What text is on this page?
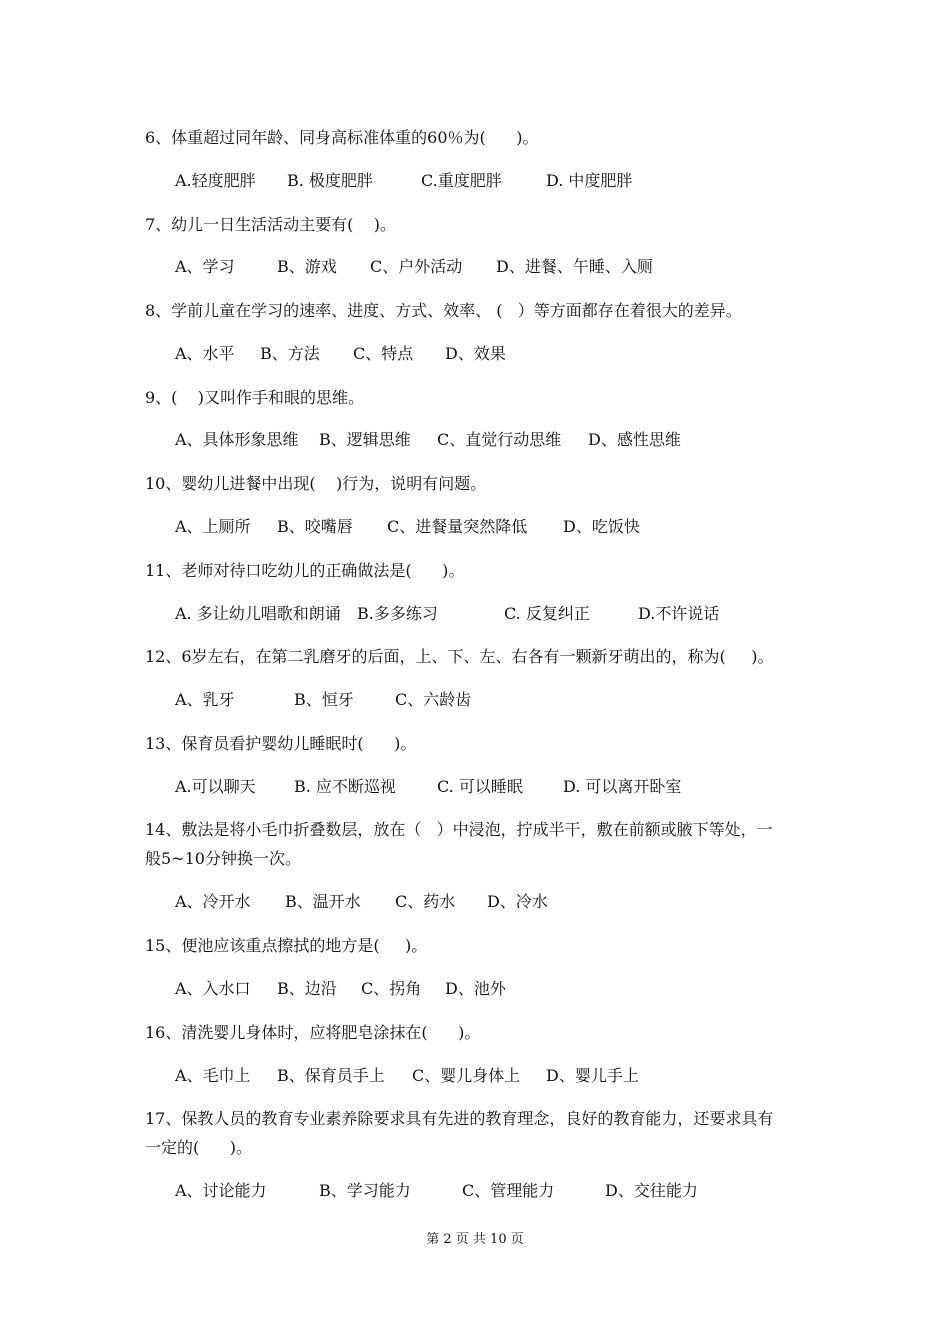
6、体重超过同年龄、同身高标准体重的60％为(      )。
A.轻度肥胖 B. 极度肥胖	C.重度肥胖	D. 中度肥胖
7、幼儿一日生活活动主要有(    )。
A、学习	B、游戏 C、户外活动 D、进餐、午睡、入厕
8、学前儿童在学习的速率、进度、方式、效率、 (   ）等方面都存在着很大的差异。
A、水平 B、方法 C、特点 D、效果
9、(    )又叫作手和眼的思维。
A、具体形象思维 B、逻辑思维 C、直觉行动思维 D、感性思维
10、婴幼儿进餐中出现(    )行为，说明有问题。
A、上厕所 B、咬嘴唇 C、进餐量突然降低 D、吃饭快
11、老师对待口吃幼儿的正确做法是(      )。
A. 多让幼儿唱歌和朗诵 B.多多练习	C. 反复纠正	D.不许说话
12、6岁左右，在第二乳磨牙的后面，上、下、左、右各有一颗新牙萌出的，称为(     )。
A、乳牙	B、恒牙	C、六龄齿
13、保育员看护婴幼儿睡眠时(      )。
A.可以聊天 B. 应不断巡视	C. 可以睡眠	D. 可以离开卧室
14、敷法是将小毛巾折叠数层，放在（   ）中浸泡，拧成半干，敷在前额或腋下等处，一
般5~10分钟换一次。
A、冷开水 B、温开水 C、药水 D、冷水
15、便池应该重点擦拭的地方是(     )。
A、入水口 B、边沿 C、拐角 D、池外
16、清洗婴儿身体时，应将肥皂涂抹在(      )。
A、毛巾上 B、保育员手上 C、婴儿身体上 D、婴儿手上
17、保教人员的教育专业素养除要求具有先进的教育理念，良好的教育能力，还要求具有
一定的(      )。
A、讨论能力	B、学习能力	C、管理能力	D、交往能力
第 2 页 共 10 页
